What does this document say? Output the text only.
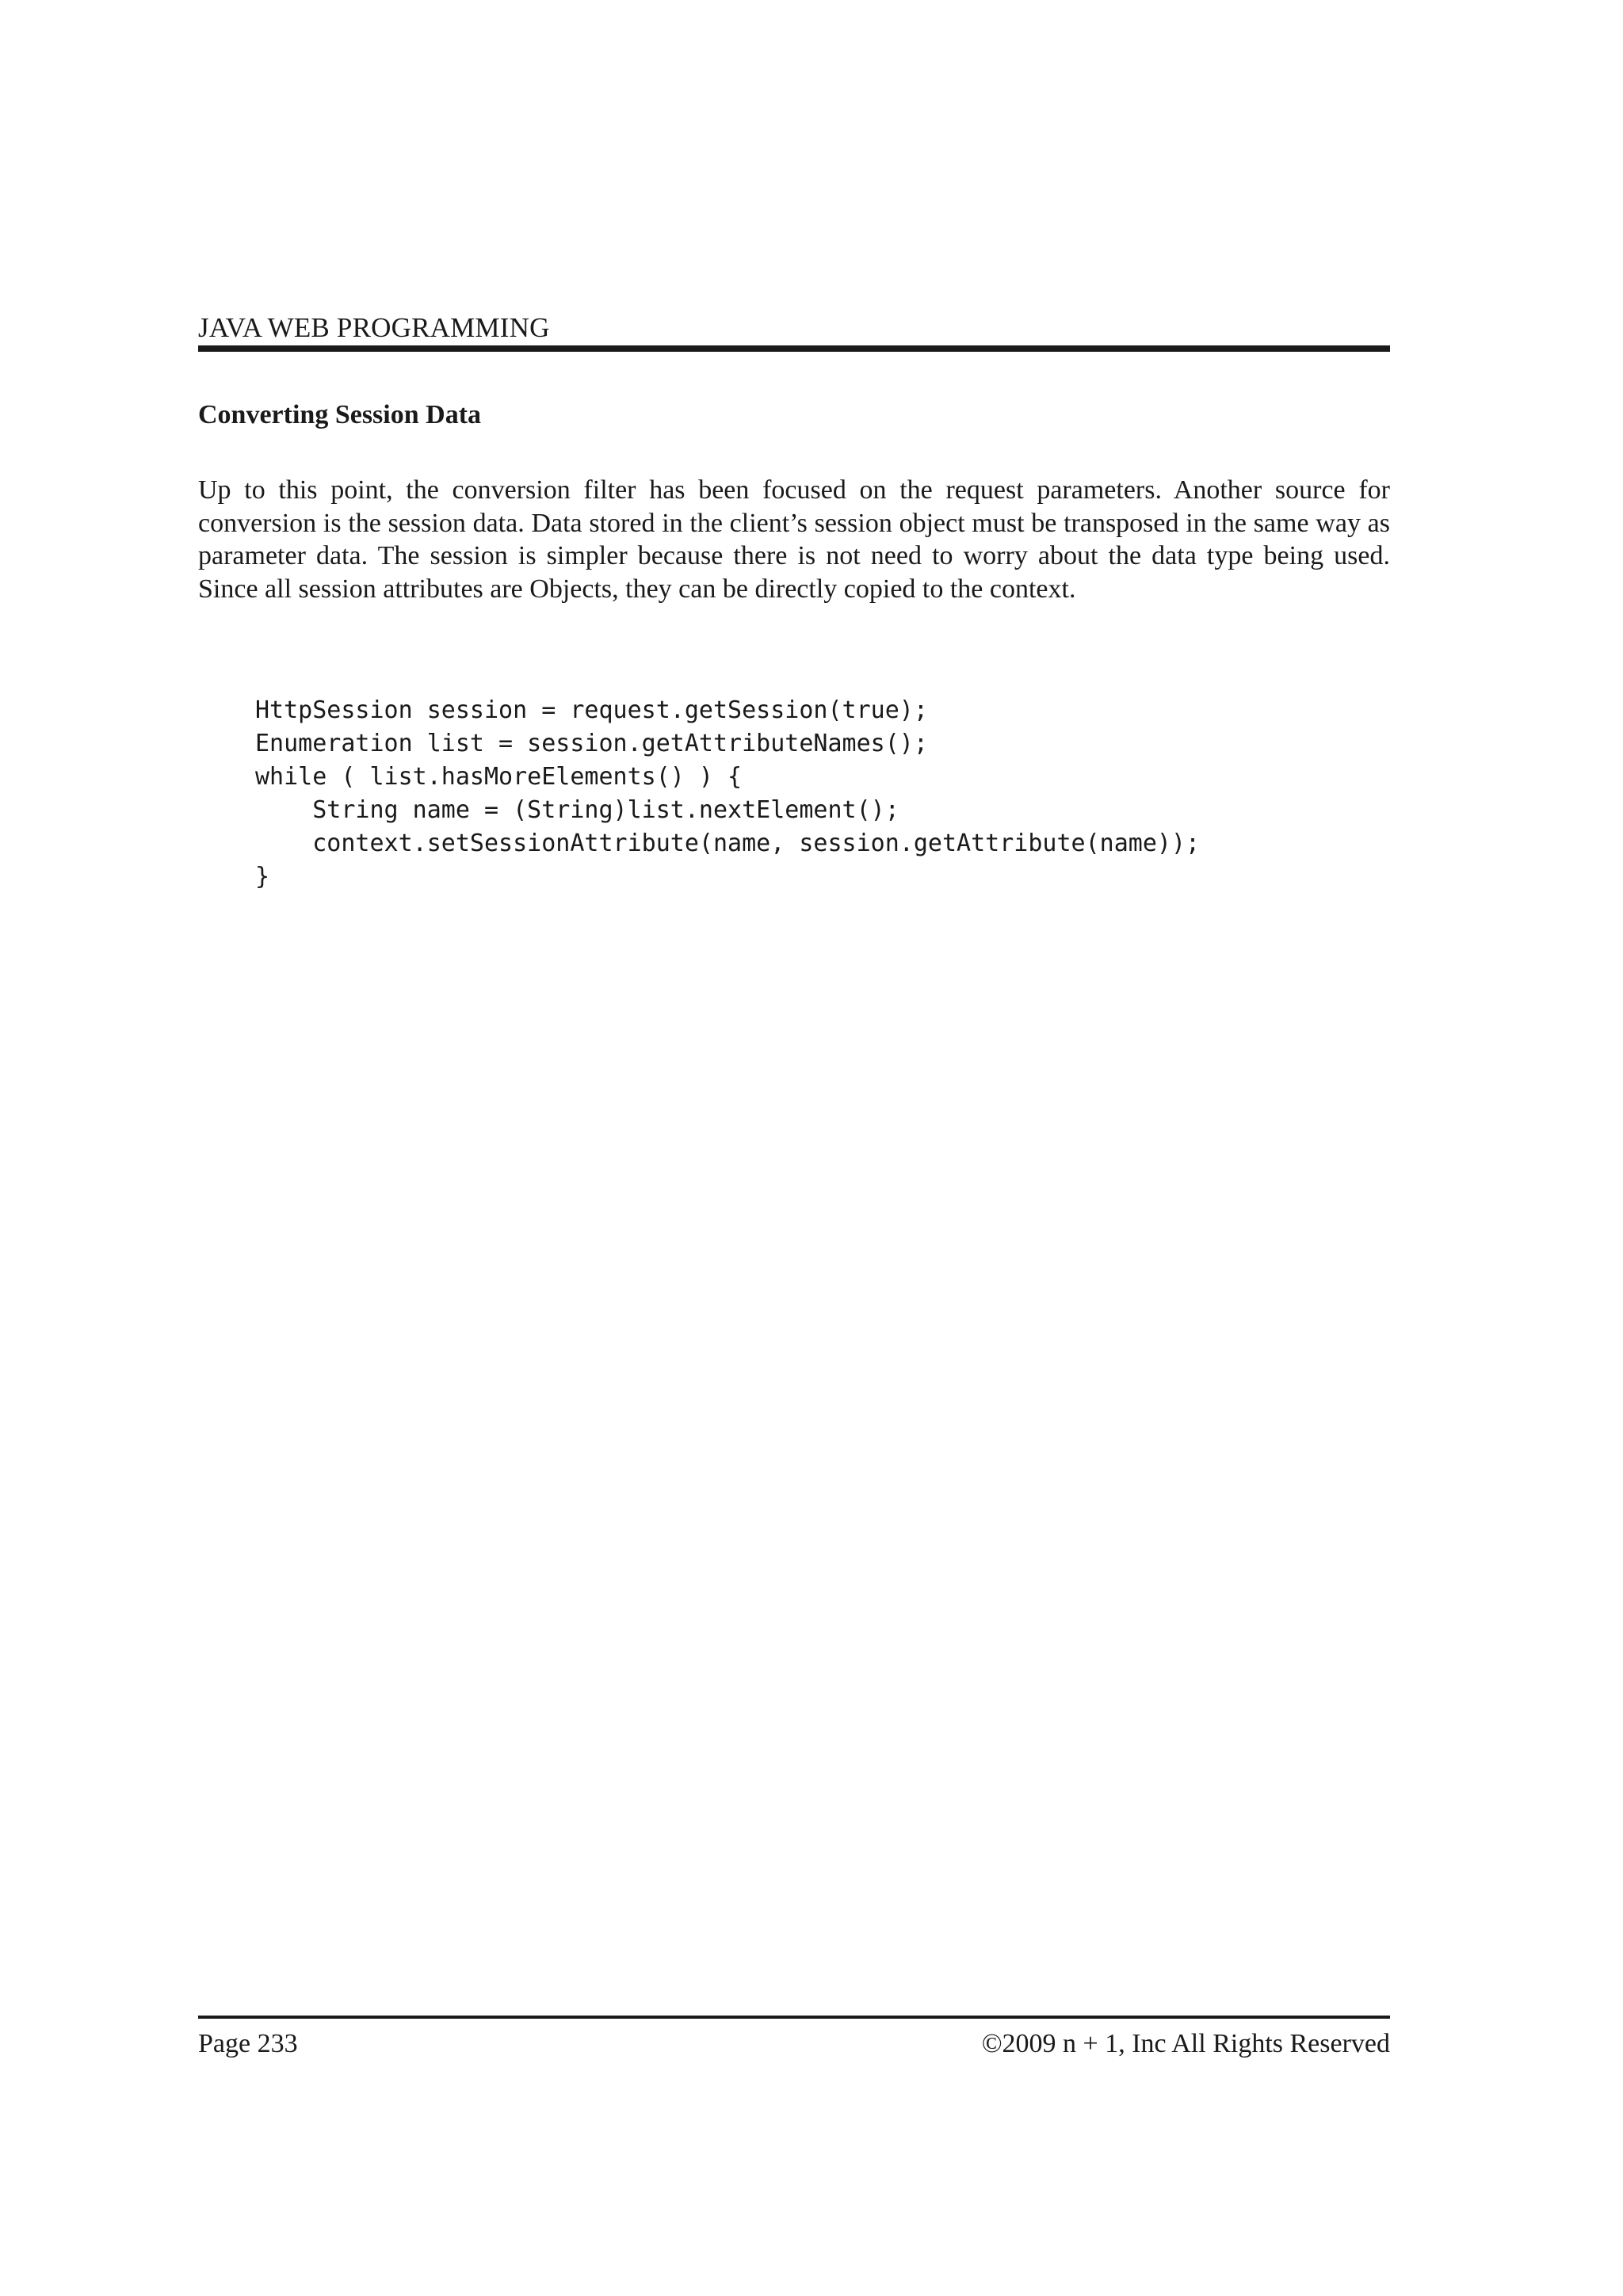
JAVA WEB PROGRAMMING
Converting Session Data
Up to this point, the conversion filter has been focused on the request parameters. Another source for conversion is the session data. Data stored in the client’s session object must be transposed in the same way as parameter data. The session is simpler because there is not need to worry about the data type being used. Since all session attributes are Objects, they can be directly copied to the context.
HttpSession session = request.getSession(true);
Enumeration list = session.getAttributeNames();
while ( list.hasMoreElements() ) {
String name = (String)list.nextElement();
context.setSessionAttribute(name, session.getAttribute(name));
}
Page 233	©2009 n + 1, Inc All Rights Reserved
